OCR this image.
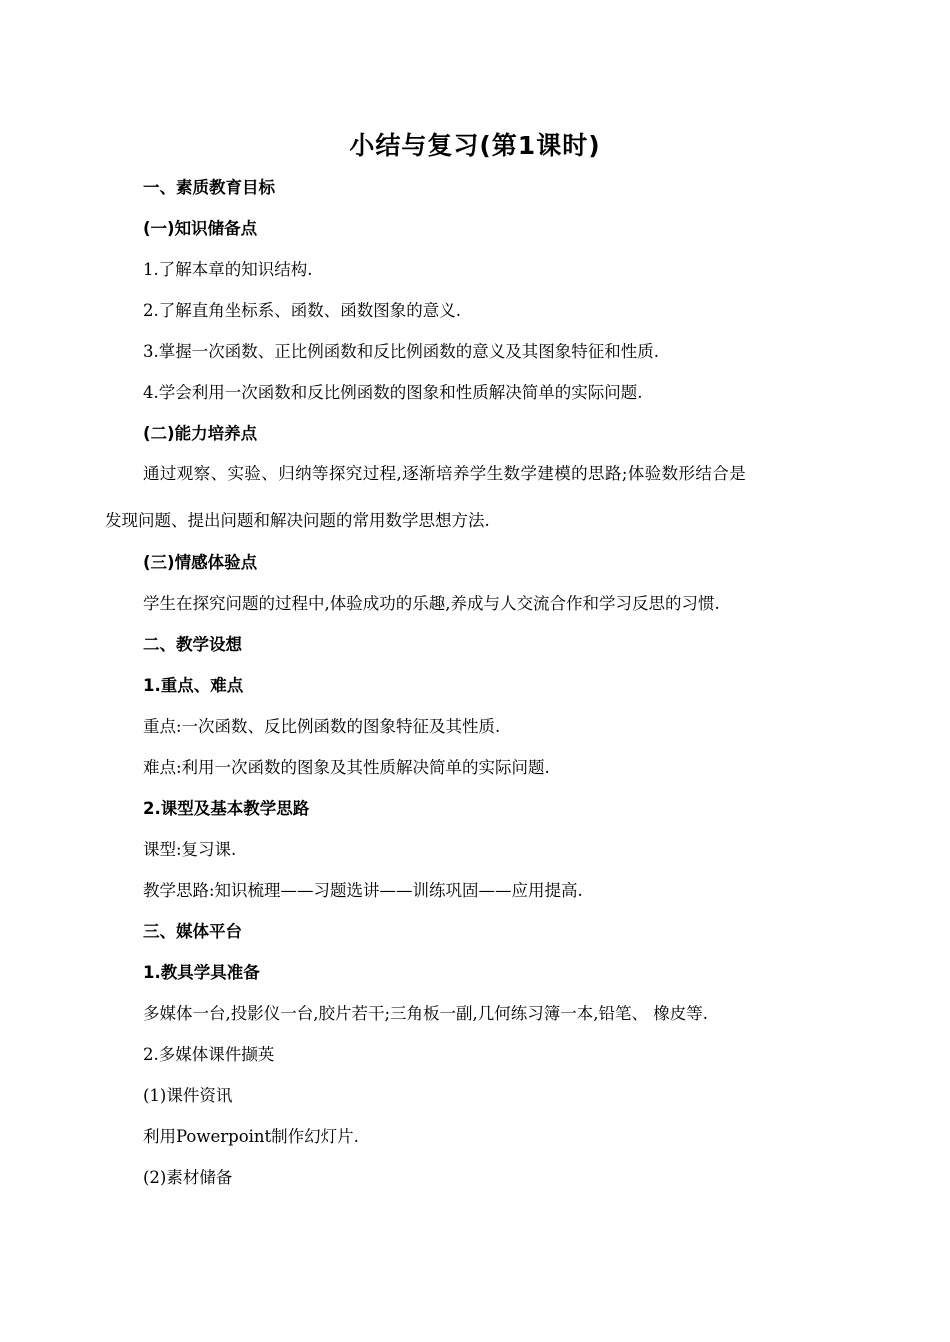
小结与复习(第1课时)
一、素质教育目标
(一)知识储备点
1.了解本章的知识结构.
2.了解直角坐标系、函数、函数图象的意义.
3.掌握一次函数、正比例函数和反比例函数的意义及其图象特征和性质.
4.学会利用一次函数和反比例函数的图象和性质解决简单的实际问题.
(二)能力培养点
通过观察、实验、归纳等探究过程,逐渐培养学生数学建模的思路;体验数形结合是
发现问题、提出问题和解决问题的常用数学思想方法.
(三)情感体验点
学生在探究问题的过程中,体验成功的乐趣,养成与人交流合作和学习反思的习惯.
二、教学设想
1.重点、难点
重点:一次函数、反比例函数的图象特征及其性质.
难点:利用一次函数的图象及其性质解决简单的实际问题.
2.课型及基本教学思路
课型:复习课.
教学思路:知识梳理——习题选讲——训练巩固——应用提高.
三、媒体平台
1.教具学具准备
多媒体一台,投影仪一台,胶片若干;三角板一副,几何练习簿一本,铅笔、 橡皮等.
2.多媒体课件撷英
(1)课件资讯
利用Powerpoint制作幻灯片.
(2)素材储备
